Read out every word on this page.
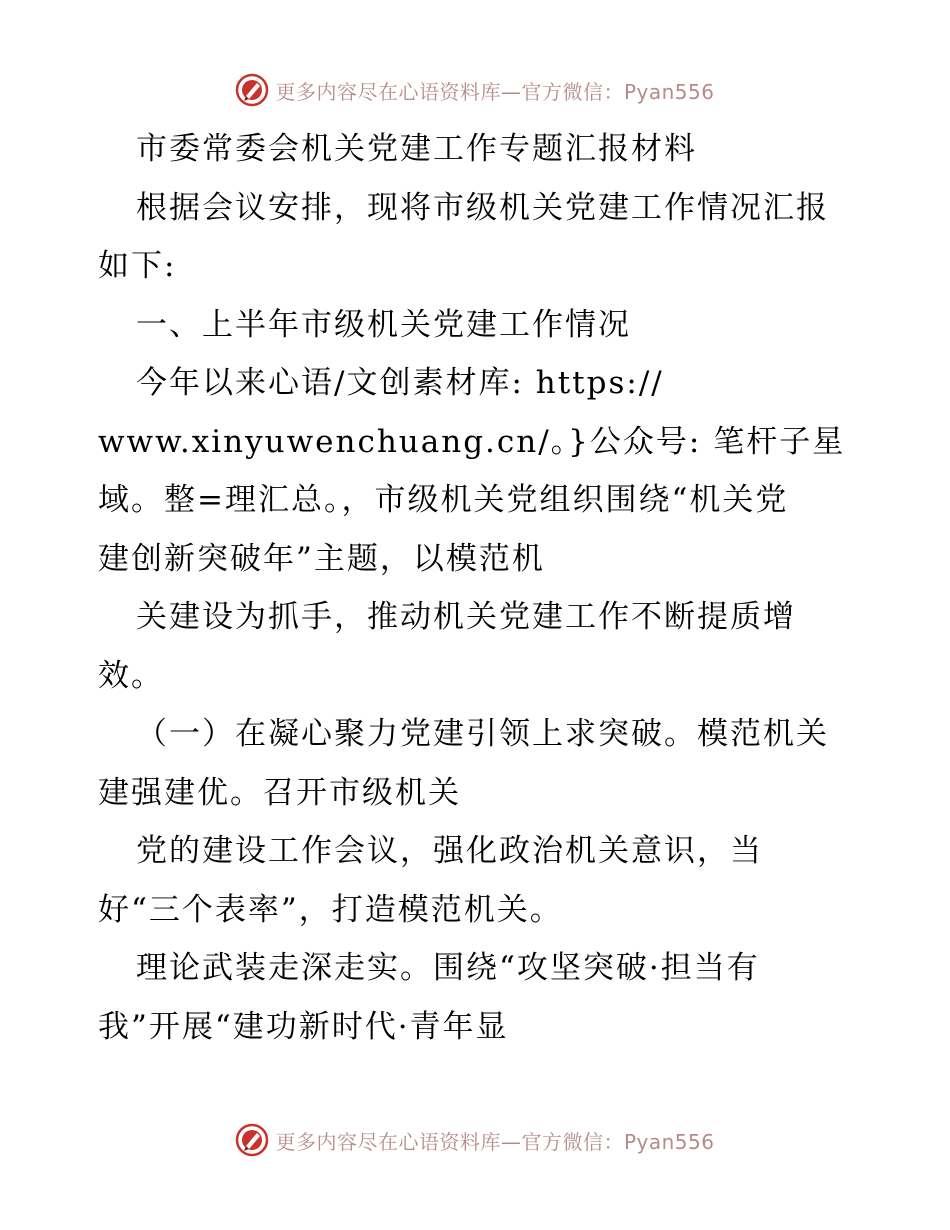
更多内容尽在心语资料库—官方微信：Pyan556
市委常委会机关党建工作专题汇报材料
根据会议安排，现将市级机关党建工作情况汇报
如下:
一、上半年市级机关党建工作情况
今年以来心语/文创素材库: https://
www.xinyuwenchuang.cn/。}公众号: 笔杆子星
域。整=理汇总。，市级机关党组织围绕“机关党
建创新突破年”主题，以模范机
关建设为抓手，推动机关党建工作不断提质增
效。
（一）在凝心聚力党建引领上求突破。模范机关
建强建优。召开市级机关
党的建设工作会议，强化政治机关意识，当
好“三个表率”，打造模范机关。
理论武装走深走实。围绕“攻坚突破·担当有
我”开展“建功新时代·青年显
更多内容尽在心语资料库—官方微信：Pyan556
